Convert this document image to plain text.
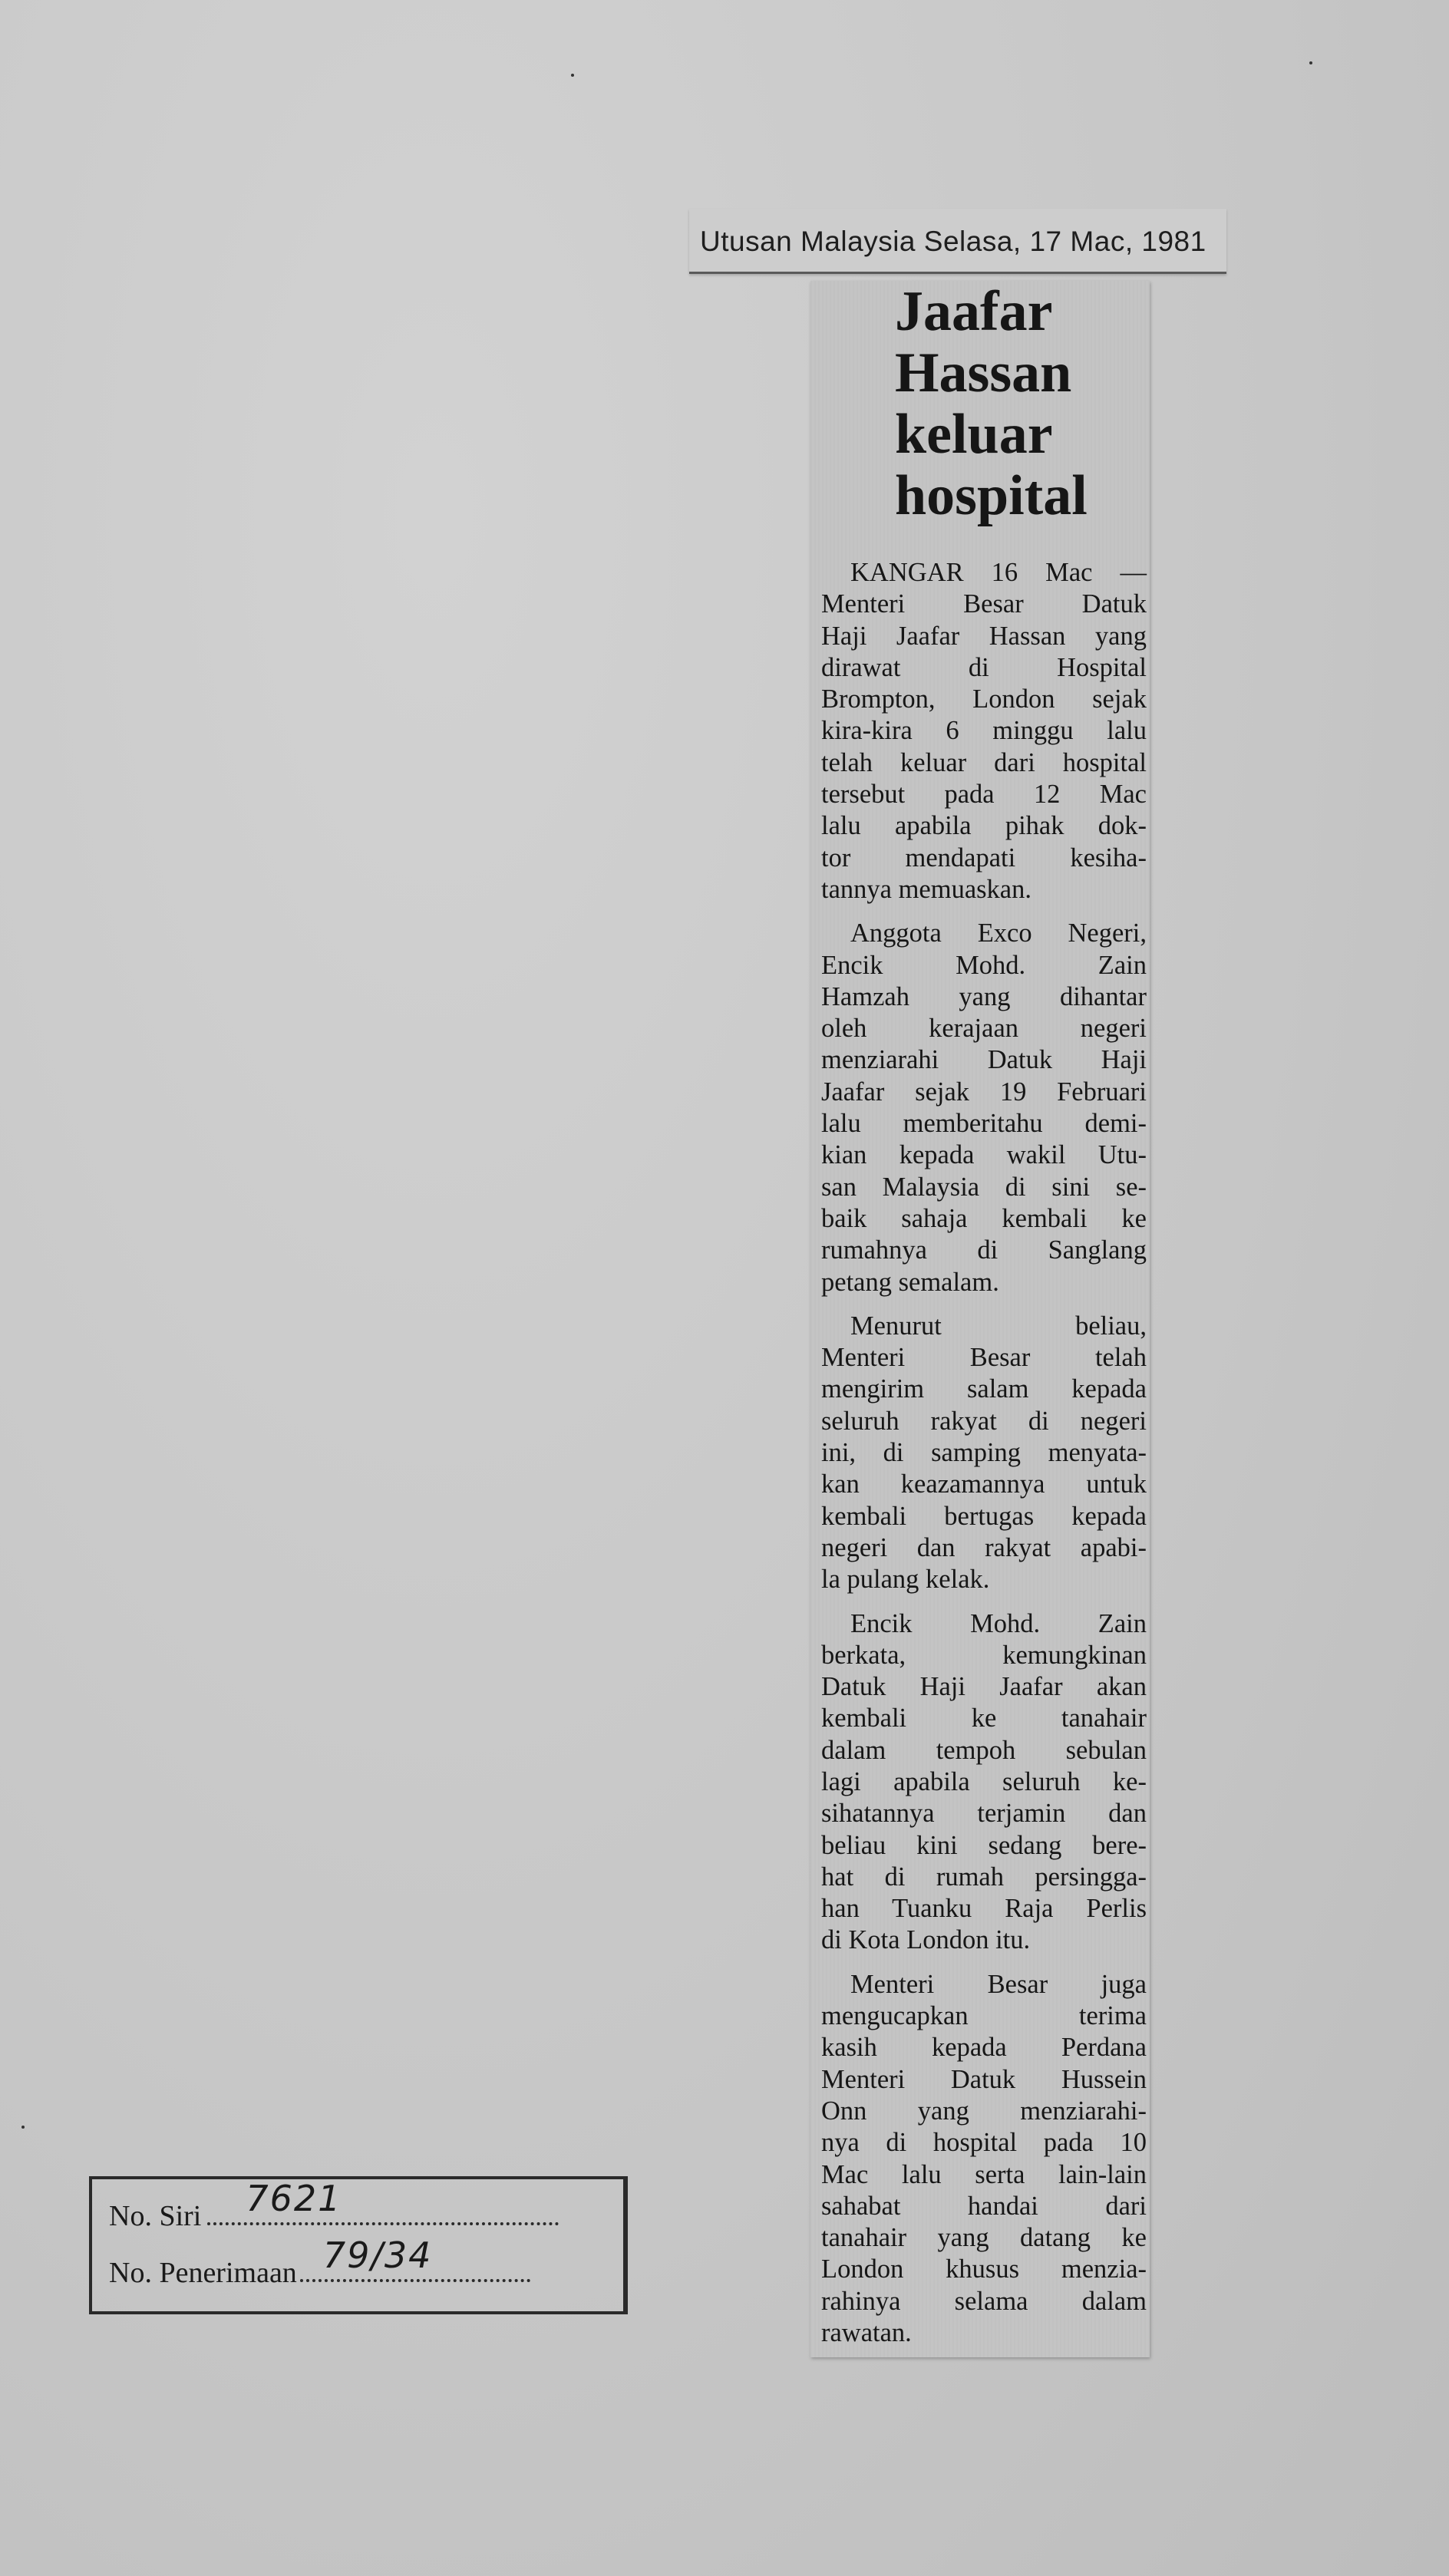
Utusan Malaysia Selasa, 17 Mac, 1981
Jaafar
Hassan
keluar
hospital
KANGAR 16 Mac —
Menteri Besar Datuk
Haji Jaafar Hassan yang
dirawat di Hospital
Brompton, London sejak
kira-kira 6 minggu lalu
telah keluar dari hospital
tersebut pada 12 Mac
lalu apabila pihak dok-
tor mendapati kesiha-
tannya memuaskan.
Anggota Exco Negeri,
Encik Mohd. Zain
Hamzah yang dihantar
oleh kerajaan negeri
menziarahi Datuk Haji
Jaafar sejak 19 Februari
lalu memberitahu demi-
kian kepada wakil Utu-
san Malaysia di sini se-
baik sahaja kembali ke
rumahnya di Sanglang
petang semalam.
Menurut beliau,
Menteri Besar telah
mengirim salam kepada
seluruh rakyat di negeri
ini, di samping menyata-
kan keazamannya untuk
kembali bertugas kepada
negeri dan rakyat apabi-
la pulang kelak.
Encik Mohd. Zain
berkata, kemungkinan
Datuk Haji Jaafar akan
kembali ke tanahair
dalam tempoh sebulan
lagi apabila seluruh ke-
sihatannya terjamin dan
beliau kini sedang bere-
hat di rumah persingga-
han Tuanku Raja Perlis
di Kota London itu.
Menteri Besar juga
mengucapkan terima
kasih kepada Perdana
Menteri Datuk Hussein
Onn yang menziarahi-
nya di hospital pada 10
Mac lalu serta lain-lain
sahabat handai dari
tanahair yang datang ke
London khusus menzia-
rahinya selama dalam
rawatan.
No. Siri 7621
No. Penerimaan 79/34
